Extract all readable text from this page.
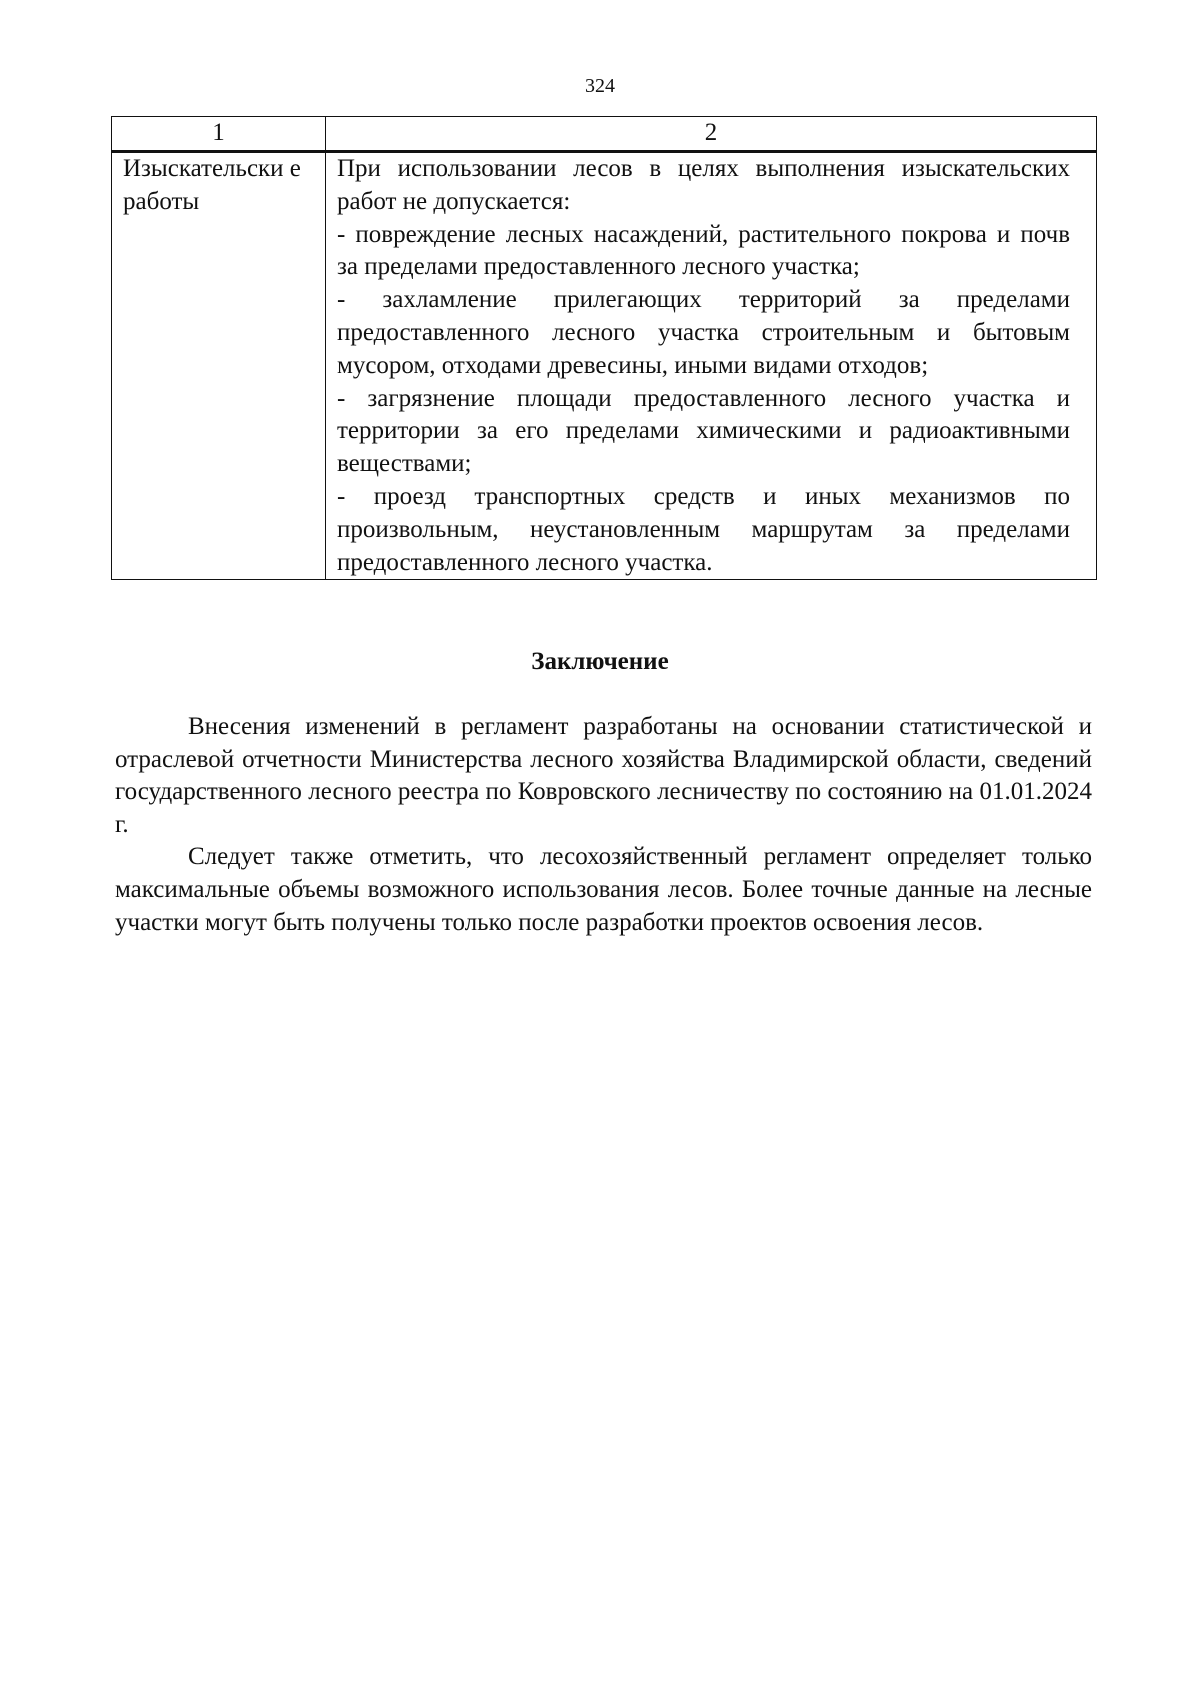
324
1	2
Изыскательски е работы	При использовании лесов в целях выполнения изыскательских работ не допускается:

- повреждение лесных насаждений, растительного покрова и почв за пределами предоставленного лесного участка;

- захламление прилегающих территорий за пределами предоставленного лесного участка строительным и бытовым мусором, отходами древесины, иными видами отходов;

- загрязнение площади предоставленного лесного участка и территории за его пределами химическими и радиоактивными веществами;

- проезд транспортных средств и иных механизмов по произвольным, неустановленным маршрутам за пределами предоставленного лесного участка.

Заключение

Внесения изменений в регламент разработаны на основании статистической и отраслевой отчетности Министерства лесного хозяйства Владимирской области, сведений государственного лесного реестра по Ковровского лесничеству по состоянию на 01.01.2024 г.

Следует также отметить, что лесохозяйственный регламент определяет только максимальные объемы возможного использования лесов. Более точные данные на лесные участки могут быть получены только после разработки проектов освоения лесов.
